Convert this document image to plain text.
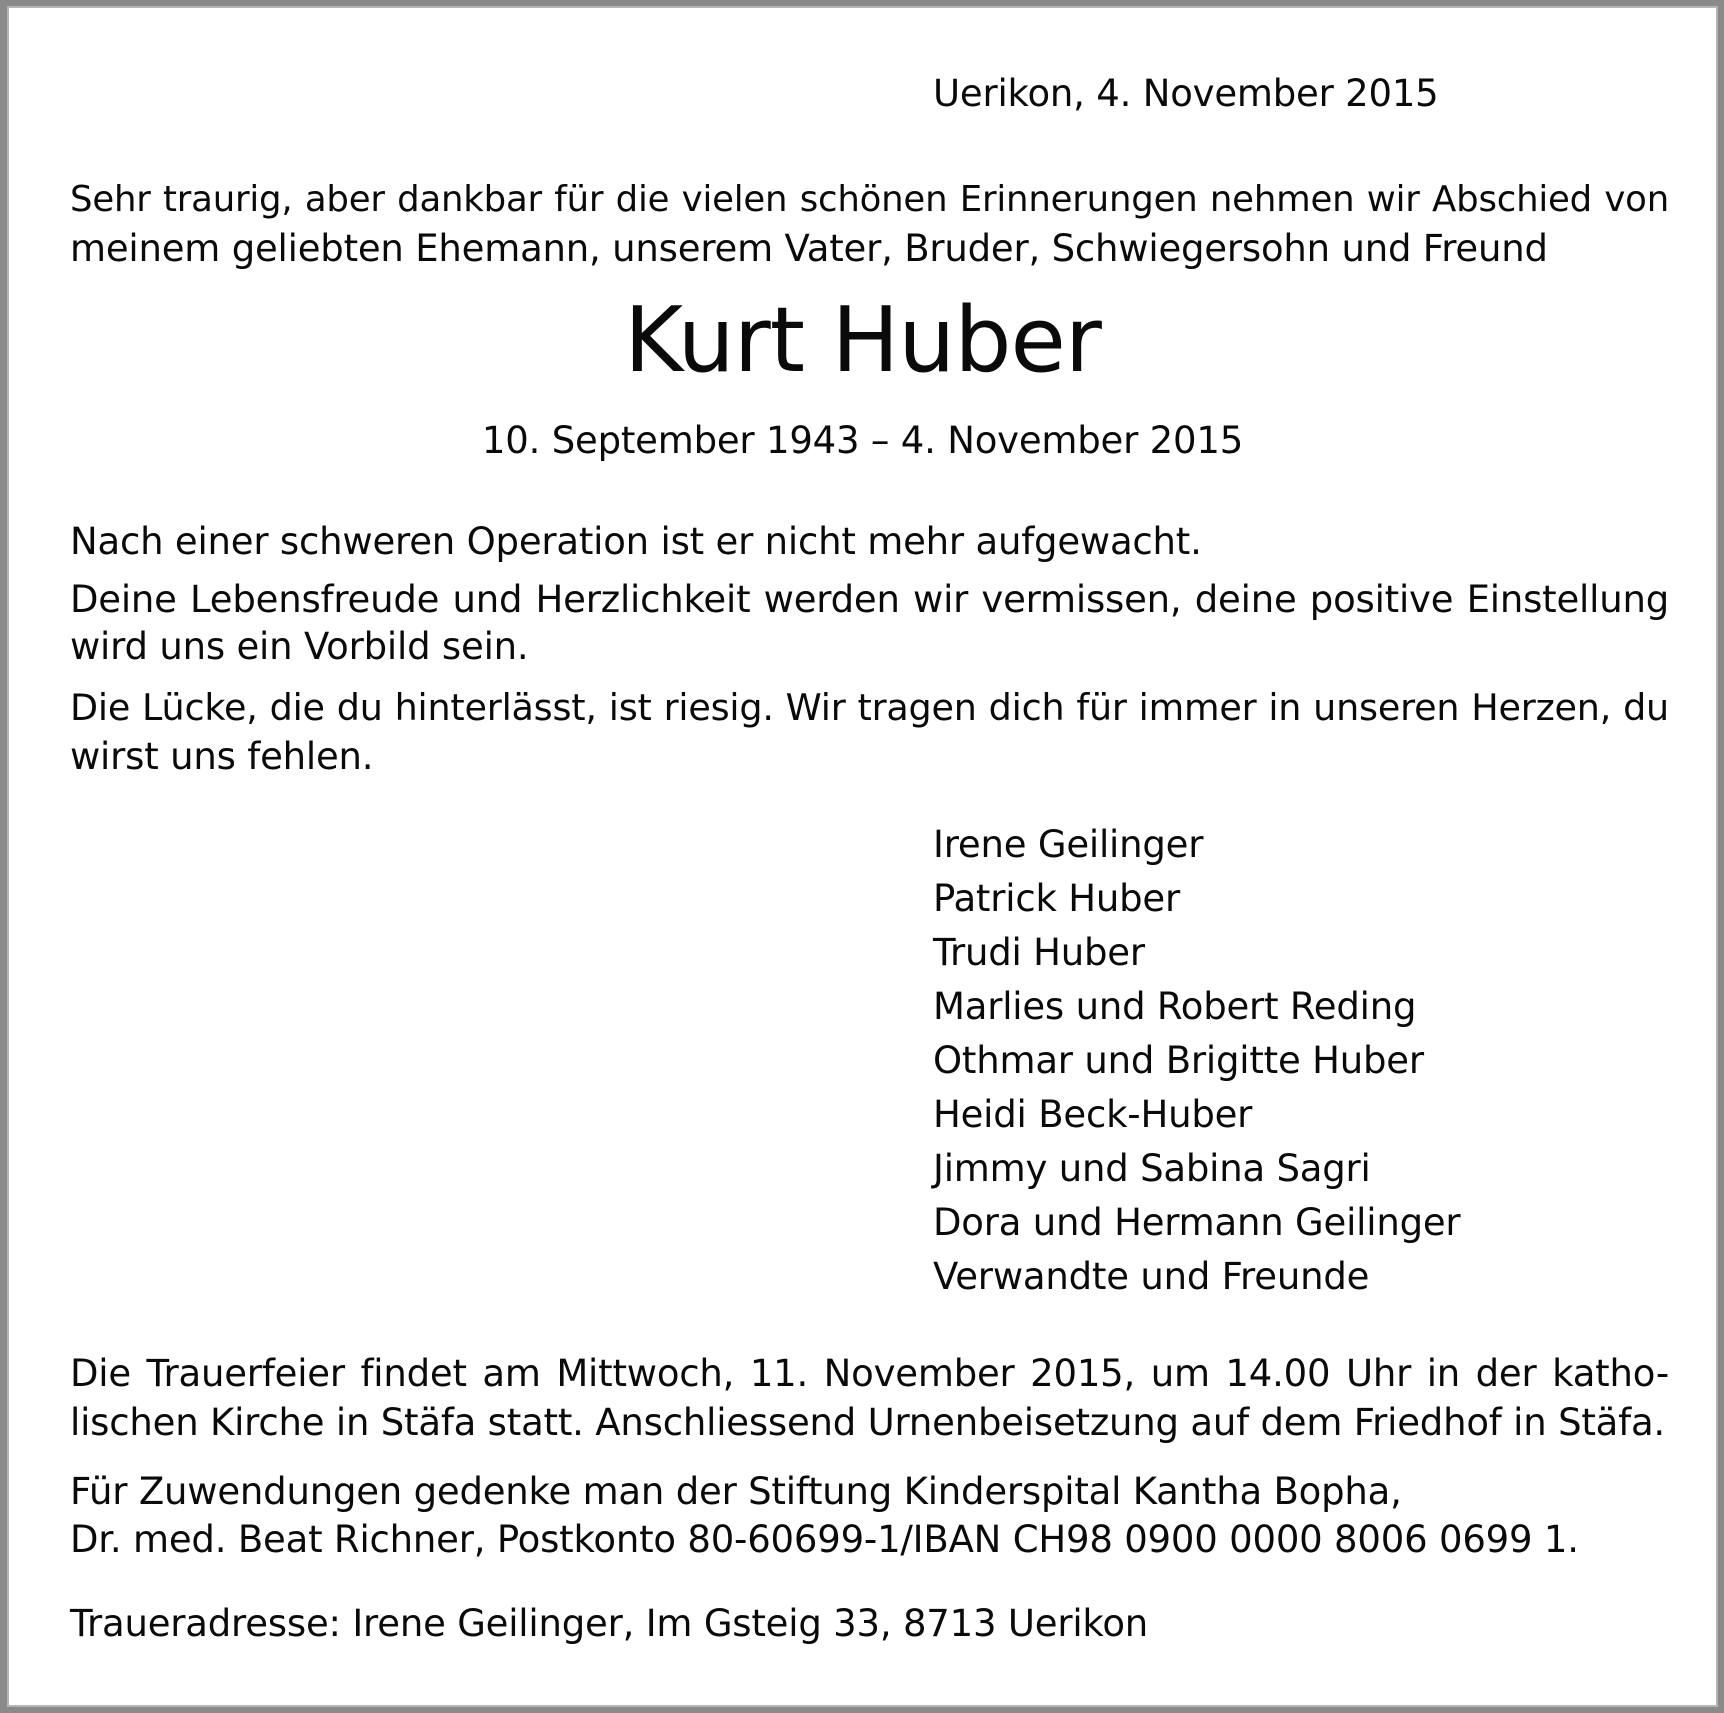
Uerikon, 4. November 2015

Sehr traurig, aber dankbar für die vielen schönen Erinnerungen nehmen wir Abschied von

meinem geliebten Ehemann, unserem Vater, Bruder, Schwiegersohn und Freund

Kurt Huber

10. September 1943 – 4. November 2015

Nach einer schweren Operation ist er nicht mehr aufgewacht.

Deine Lebensfreude und Herzlichkeit werden wir vermissen, deine positive Einstellung

wird uns ein Vorbild sein.

Die Lücke, die du hinterlässt, ist riesig. Wir tragen dich für immer in unseren Herzen, du

wirst uns fehlen.

Irene Geilinger
Patrick Huber
Trudi Huber
Marlies und Robert Reding
Othmar und Brigitte Huber
Heidi Beck-Huber
Jimmy und Sabina Sagri
Dora und Hermann Geilinger
Verwandte und Freunde

Die Trauerfeier findet am Mittwoch, 11. November 2015, um 14.00 Uhr in der katho-

lischen Kirche in Stäfa statt. Anschliessend Urnenbeisetzung auf dem Friedhof in Stäfa.

Für Zuwendungen gedenke man der Stiftung Kinderspital Kantha Bopha,

Dr. med. Beat Richner, Postkonto 80-60699-1/IBAN CH98 0900 0000 8006 0699 1.

Traueradresse: Irene Geilinger, Im Gsteig 33, 8713 Uerikon
